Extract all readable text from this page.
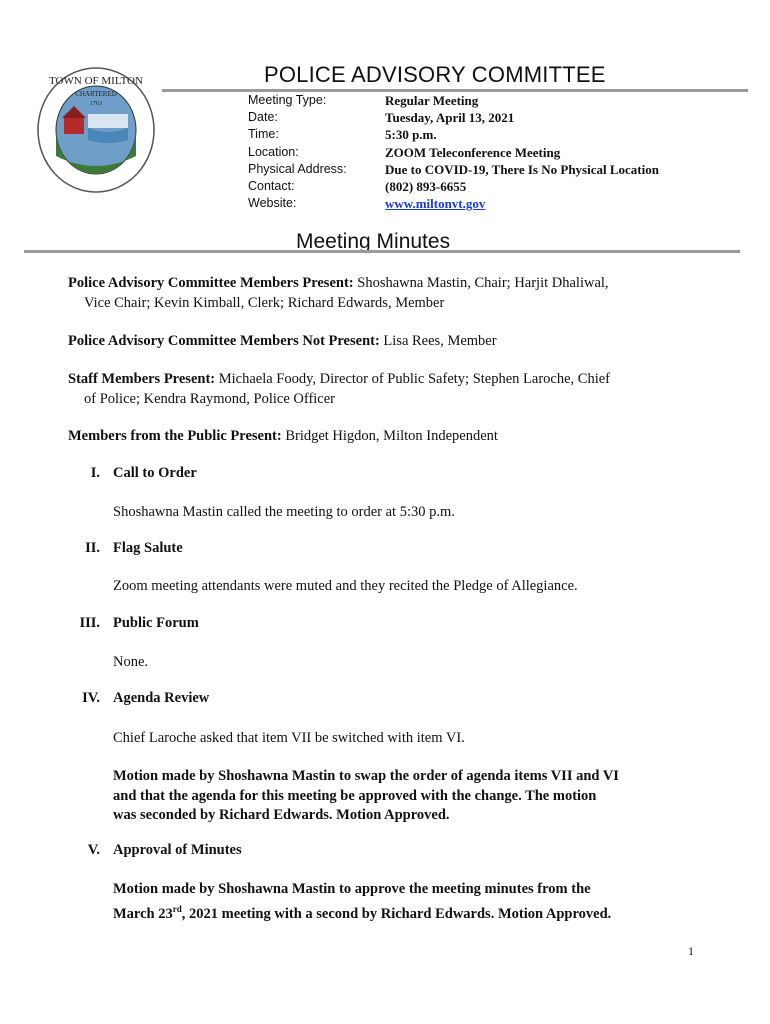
TOWN OF MILTON
CHARTERED
1763
VERMONT
POLICE ADVISORY COMMITTEE
Meeting Type:
Date:
Time:
Location:
Physical Address:
Contact:
Website:
Regular Meeting
Tuesday, April 13, 2021
5:30 p.m.
ZOOM Teleconference Meeting
Due to COVID-19, There Is No Physical Location
(802) 893-6655
www.miltonvt.gov
Meeting Minutes
Police Advisory Committee Members Present: Shoshawna Mastin, Chair; Harjit Dhaliwal,
Vice Chair; Kevin Kimball, Clerk; Richard Edwards, Member
Police Advisory Committee Members Not Present: Lisa Rees, Member
Staff Members Present: Michaela Foody, Director of Public Safety; Stephen Laroche, Chief
of Police; Kendra Raymond, Police Officer
Members from the Public Present: Bridget Higdon, Milton Independent
I. Call to Order
Shoshawna Mastin called the meeting to order at 5:30 p.m.
II. Flag Salute
Zoom meeting attendants were muted and they recited the Pledge of Allegiance.
III. Public Forum
None.
IV. Agenda Review
Chief Laroche asked that item VII be switched with item VI.
Motion made by Shoshawna Mastin to swap the order of agenda items VII and VI
and that the agenda for this meeting be approved with the change. The motion
was seconded by Richard Edwards. Motion Approved.
V. Approval of Minutes
Motion made by Shoshawna Mastin to approve the meeting minutes from the
March 23rd, 2021 meeting with a second by Richard Edwards. Motion Approved.
1
